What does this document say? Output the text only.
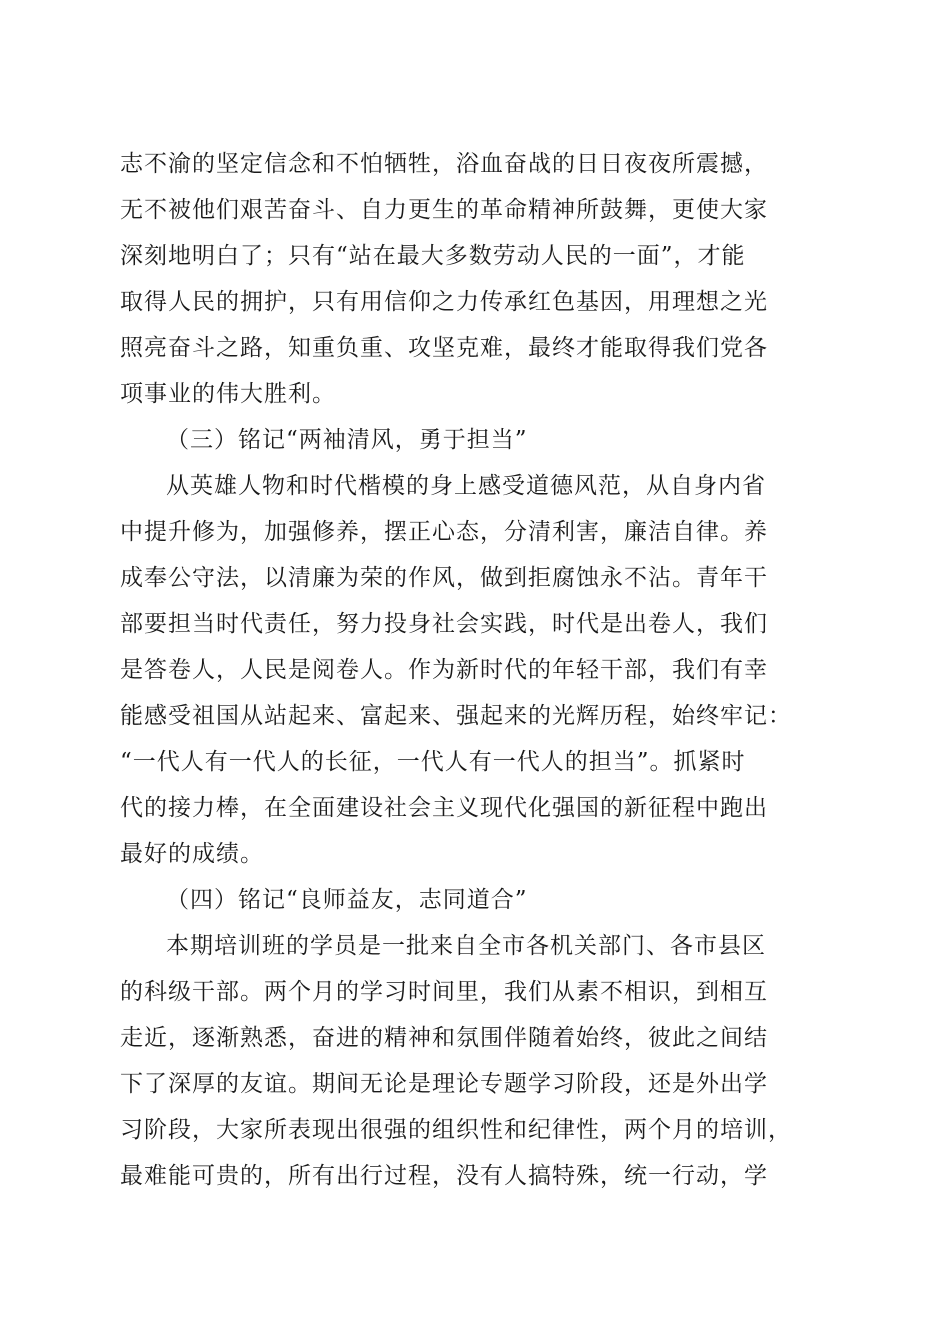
志不渝的坚定信念和不怕牺牲，浴血奋战的日日夜夜所震撼，
无不被他们艰苦奋斗、自力更生的革命精神所鼓舞，更使大家
深刻地明白了；只有“站在最大多数劳动人民的一面”，才能
取得人民的拥护，只有用信仰之力传承红色基因，用理想之光
照亮奋斗之路，知重负重、攻坚克难，最终才能取得我们党各
项事业的伟大胜利。
（三）铭记“两袖清风，勇于担当”
从英雄人物和时代楷模的身上感受道德风范，从自身内省
中提升修为，加强修养，摆正心态，分清利害，廉洁自律。养
成奉公守法，以清廉为荣的作风，做到拒腐蚀永不沾。青年干
部要担当时代责任，努力投身社会实践，时代是出卷人，我们
是答卷人，人民是阅卷人。作为新时代的年轻干部，我们有幸
能感受祖国从站起来、富起来、强起来的光辉历程，始终牢记：
“一代人有一代人的长征，一代人有一代人的担当”。抓紧时
代的接力棒，在全面建设社会主义现代化强国的新征程中跑出
最好的成绩。
（四）铭记“良师益友，志同道合”
本期培训班的学员是一批来自全市各机关部门、各市县区
的科级干部。两个月的学习时间里，我们从素不相识，到相互
走近，逐渐熟悉，奋进的精神和氛围伴随着始终，彼此之间结
下了深厚的友谊。期间无论是理论专题学习阶段，还是外出学
习阶段，大家所表现出很强的组织性和纪律性，两个月的培训，
最难能可贵的，所有出行过程，没有人搞特殊，统一行动，学
